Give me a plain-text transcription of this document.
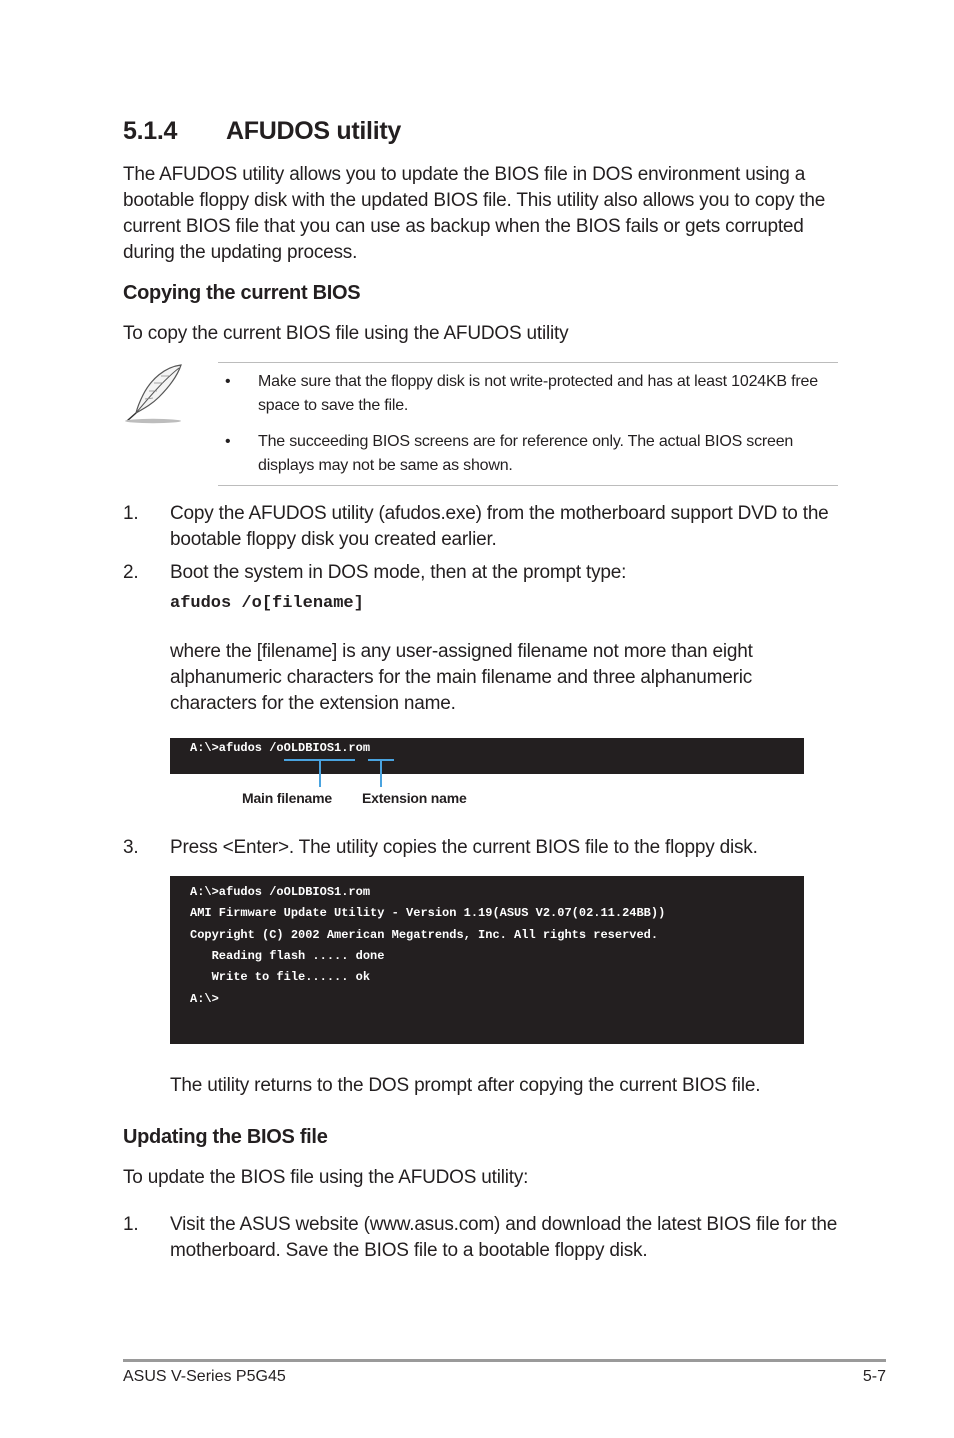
5.1.4 AFUDOS utility
The AFUDOS utility allows you to update the BIOS file in DOS environment using a bootable floppy disk with the updated BIOS file. This utility also allows you to copy the current BIOS file that you can use as backup when the BIOS fails or gets corrupted during the updating process.
Copying the current BIOS
To copy the current BIOS file using the AFUDOS utility
• Make sure that the floppy disk is not write-protected and has at least 1024KB free space to save the file.
• The succeeding BIOS screens are for reference only. The actual BIOS screen displays may not be same as shown.
1. Copy the AFUDOS utility (afudos.exe) from the motherboard support DVD to the bootable floppy disk you created earlier.
2. Boot the system in DOS mode, then at the prompt type:
afudos /o[filename]
where the [filename] is any user-assigned filename not more than eight alphanumeric characters for the main filename and three alphanumeric characters for the extension name.
A:\>afudos /oOLDBIOS1.rom
Main filename Extension name
3. Press <Enter>. The utility copies the current BIOS file to the floppy disk.
A:\>afudos /oOLDBIOS1.rom
AMI Firmware Update Utility - Version 1.19(ASUS V2.07(02.11.24BB))
Copyright (C) 2002 American Megatrends, Inc. All rights reserved.
Reading flash ..... done
Write to file...... ok
A:\>
The utility returns to the DOS prompt after copying the current BIOS file.
Updating the BIOS file
To update the BIOS file using the AFUDOS utility:
1. Visit the ASUS website (www.asus.com) and download the latest BIOS file for the motherboard. Save the BIOS file to a bootable floppy disk.
ASUS V-Series P5G45	5-7
